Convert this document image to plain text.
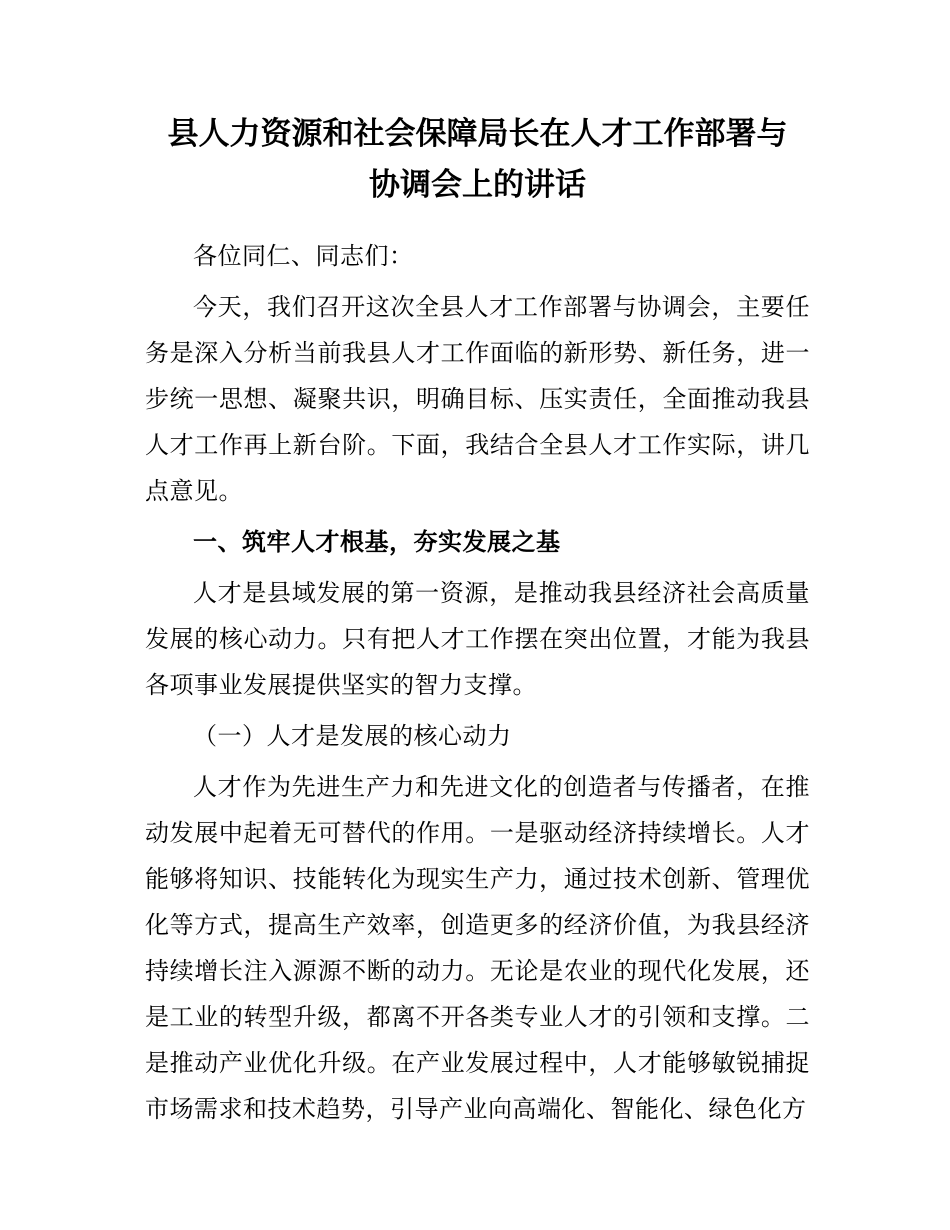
县人力资源和社会保障局长在人才工作部署与
协调会上的讲话

各位同仁、同志们：

今天，我们召开这次全县人才工作部署与协调会，主要任务是深入分析当前我县人才工作面临的新形势、新任务，进一步统一思想、凝聚共识，明确目标、压实责任，全面推动我县人才工作再上新台阶。下面，我结合全县人才工作实际，讲几点意见。

一、筑牢人才根基，夯实发展之基

人才是县域发展的第一资源，是推动我县经济社会高质量发展的核心动力。只有把人才工作摆在突出位置，才能为我县各项事业发展提供坚实的智力支撑。

（一）人才是发展的核心动力

人才作为先进生产力和先进文化的创造者与传播者，在推动发展中起着无可替代的作用。一是驱动经济持续增长。人才能够将知识、技能转化为现实生产力，通过技术创新、管理优化等方式，提高生产效率，创造更多的经济价值，为我县经济持续增长注入源源不断的动力。无论是农业的现代化发展，还是工业的转型升级，都离不开各类专业人才的引领和支撑。二是推动产业优化升级。在产业发展过程中，人才能够敏锐捕捉市场需求和技术趋势，引导产业向高端化、智能化、绿色化方
